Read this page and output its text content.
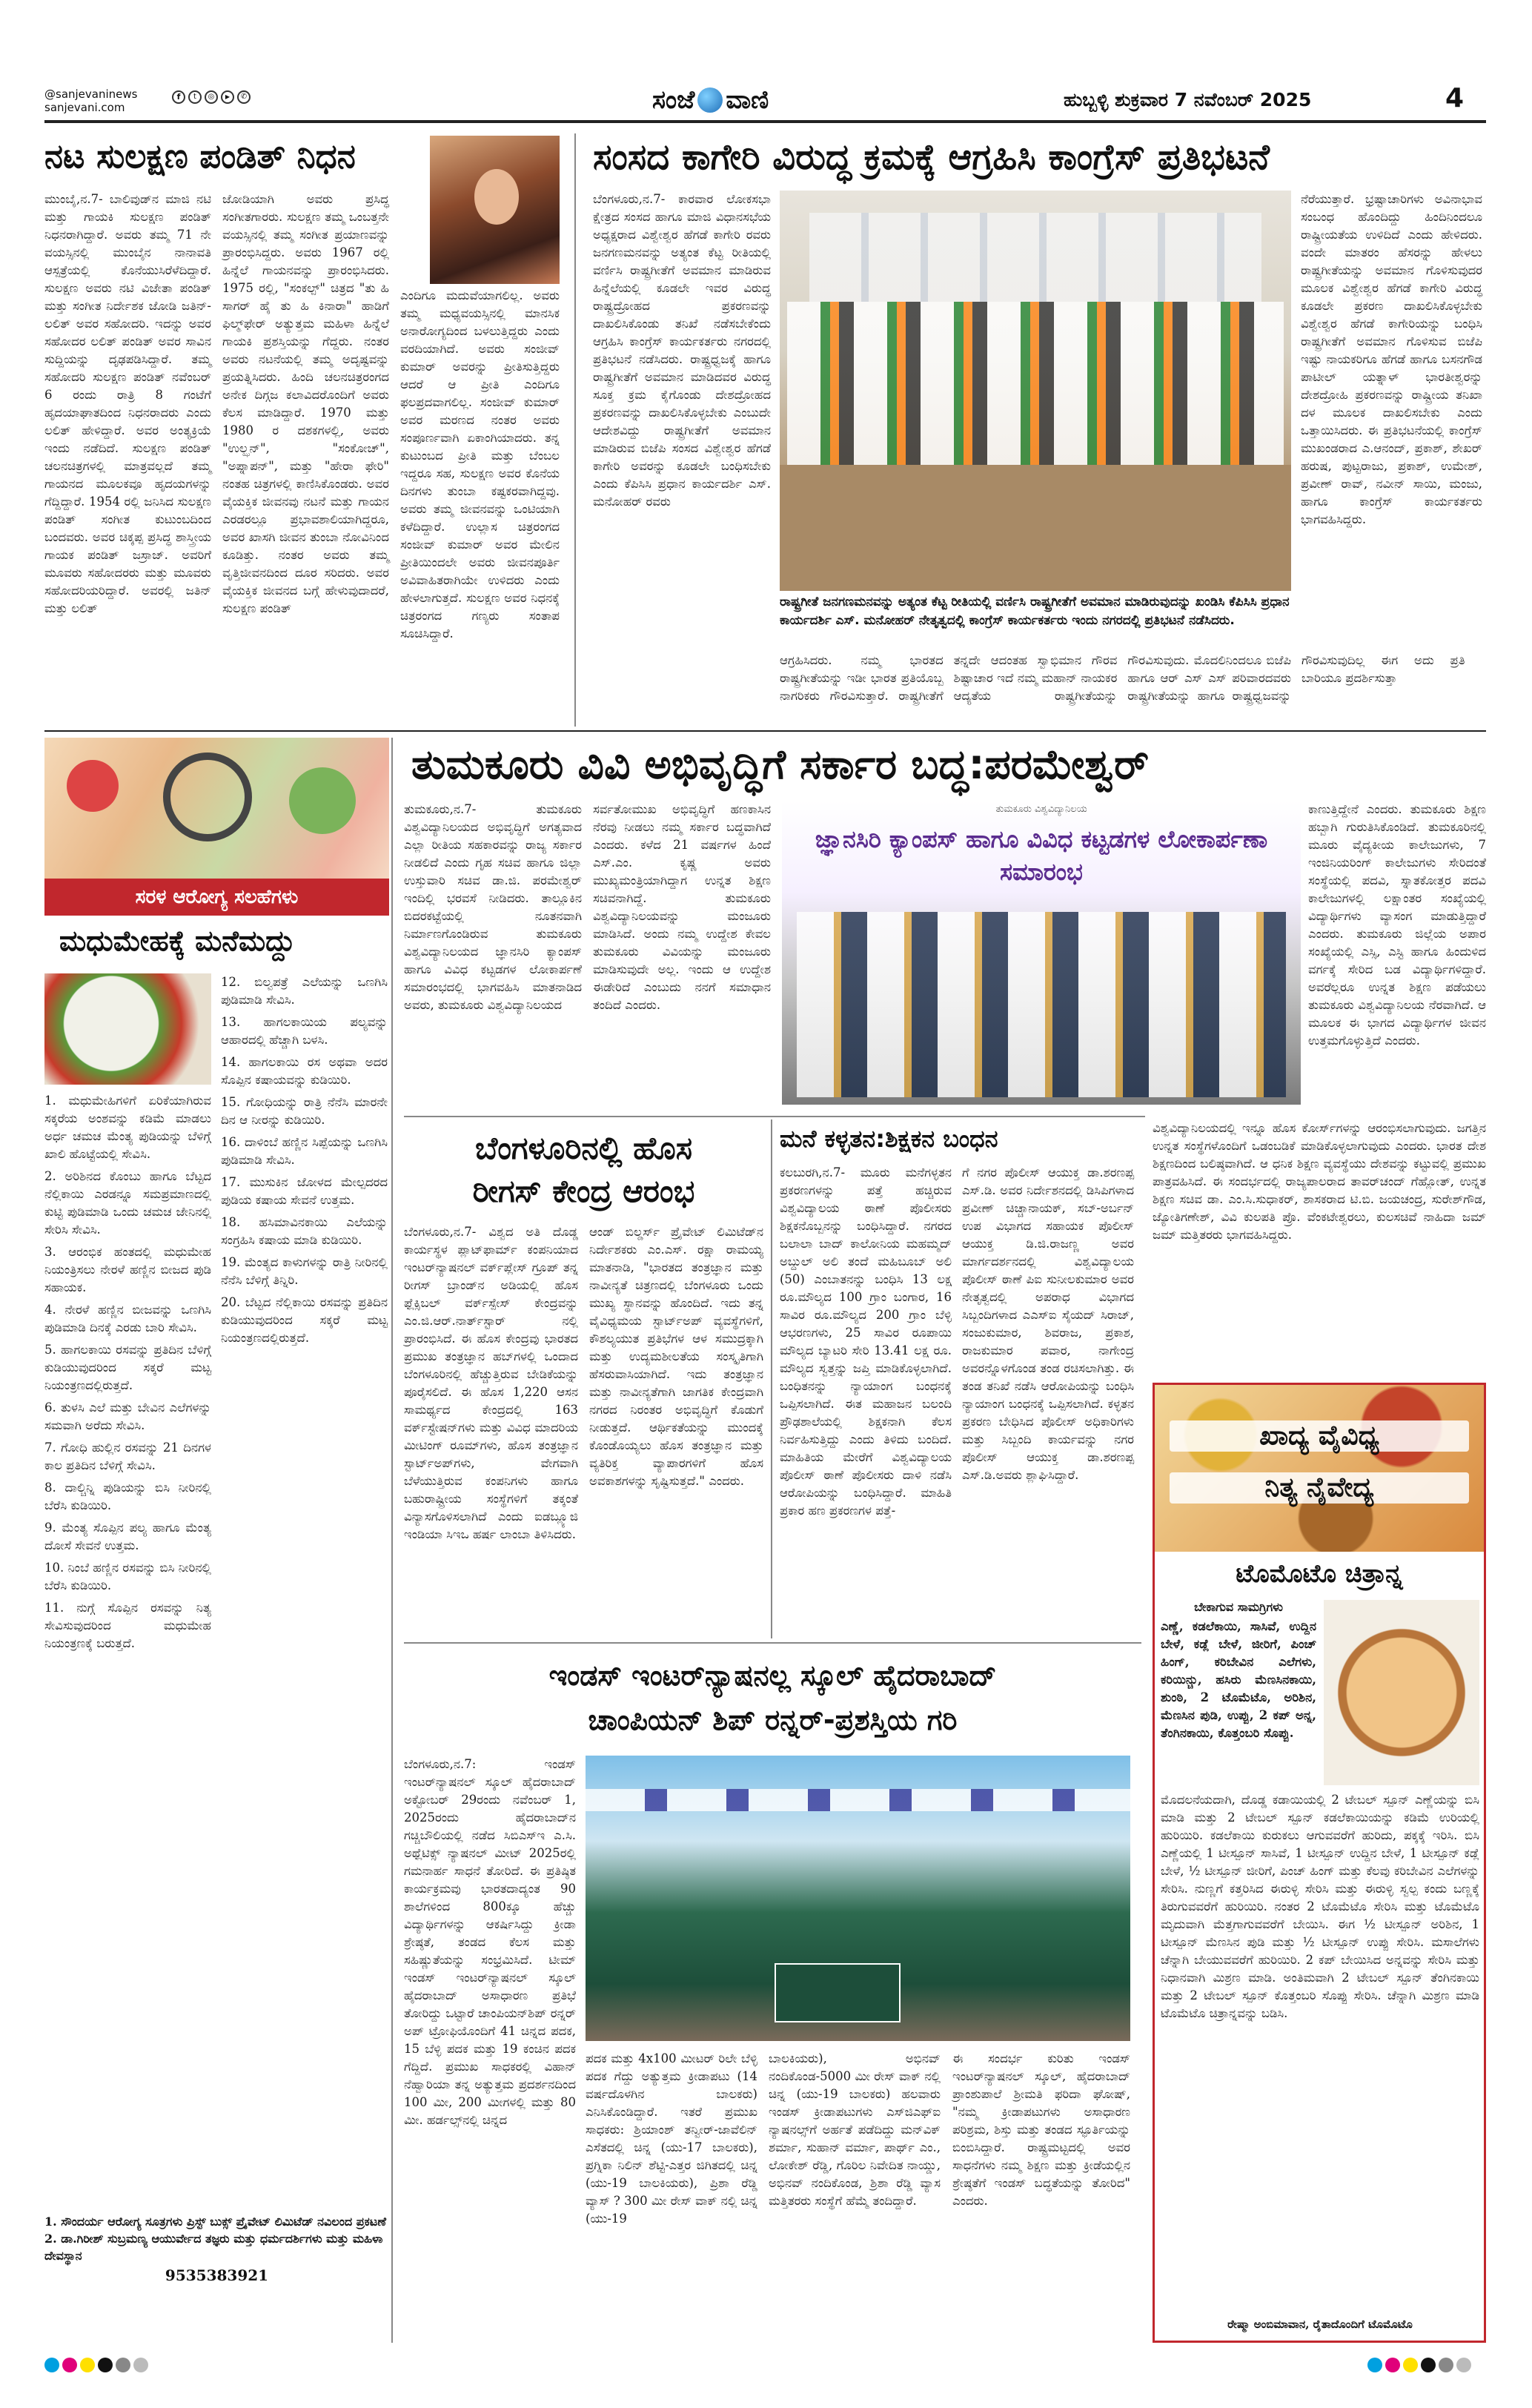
@sanjevaninews
sanjevani.com
f	t	◎	▶	✆	ಸಂಜೆ ವಾಣಿ	ಹುಬ್ಬಳ್ಳಿ ಶುಕ್ರವಾರ 7 ನವೆಂಬರ್ 2025	4
ನಟ ಸುಲಕ್ಷಣ ಪಂಡಿತ್ ನಿಧನ
ಮುಂಬೈ,ನ.7- ಬಾಲಿವುಡ್‌ನ ಮಾಜಿ ನಟಿ ಮತ್ತು ಗಾಯಕಿ ಸುಲಕ್ಷಣ ಪಂಡಿತ್ ನಿಧನರಾಗಿದ್ದಾರೆ. ಅವರು ತಮ್ಮ 71 ನೇ ವಯಸ್ಸಿನಲ್ಲಿ ಮುಂಬೈನ ನಾನಾವತಿ ಆಸ್ಪತ್ರೆಯಲ್ಲಿ ಕೊನೆಯುಸಿರೆಳೆದಿದ್ದಾರೆ. ಸುಲಕ್ಷಣ ಅವರು ನಟಿ ವಿಜೇತಾ ಪಂಡಿತ್ ಮತ್ತು ಸಂಗೀತ ನಿರ್ದೇಶಕ ಜೋಡಿ ಜತಿನ್-ಲಲಿತ್ ಅವರ ಸಹೋದರಿ. ಇದನ್ನು ಅವರ ಸಹೋದರ ಲಲಿತ್ ಪಂಡಿತ್ ಅವರ ಸಾವಿನ ಸುದ್ದಿಯನ್ನು ದೃಢಪಡಿಸಿದ್ದಾರೆ. ತಮ್ಮ ಸಹೋದರಿ ಸುಲಕ್ಷಣ ಪಂಡಿತ್ ನವೆಂಬರ್ 6 ರಂದು ರಾತ್ರಿ 8 ಗಂಟೆಗೆ ಹೃದಯಾಘಾತದಿಂದ ನಿಧನರಾದರು ಎಂದು ಲಲಿತ್ ಹೇಳಿದ್ದಾರೆ. ಅವರ ಅಂತ್ಯಕ್ರಿಯೆ ಇಂದು ನಡೆದಿದೆ. ಸುಲಕ್ಷಣ ಪಂಡಿತ್ ಚಲನಚಿತ್ರಗಳಲ್ಲಿ ಮಾತ್ರವಲ್ಲದೆ ತಮ್ಮ ಗಾಯನದ ಮೂಲಕವೂ ಹೃದಯಗಳನ್ನು ಗೆದ್ದಿದ್ದಾರೆ. 1954 ರಲ್ಲಿ ಜನಿಸಿದ ಸುಲಕ್ಷಣ ಪಂಡಿತ್ ಸಂಗೀತ ಕುಟುಂಬದಿಂದ ಬಂದವರು. ಅವರ ಚಿಕ್ಕಪ್ಪ ಪ್ರಸಿದ್ಧ ಶಾಸ್ತ್ರೀಯ ಗಾಯಕ ಪಂಡಿತ್ ಜಸ್ರಾಜ್. ಅವರಿಗೆ ಮೂವರು ಸಹೋದರರು ಮತ್ತು ಮೂವರು ಸಹೋದರಿಯರಿದ್ದಾರೆ. ಅವರಲ್ಲಿ ಜತಿನ್ ಮತ್ತು ಲಲಿತ್
ಜೋಡಿಯಾಗಿ ಅವರು ಪ್ರಸಿದ್ಧ ಸಂಗೀತಗಾರರು. ಸುಲಕ್ಷಣ ತಮ್ಮ ಒಂಬತ್ತನೇ ವಯಸ್ಸಿನಲ್ಲಿ ತಮ್ಮ ಸಂಗೀತ ಪ್ರಯಾಣವನ್ನು ಪ್ರಾರಂಭಿಸಿದ್ದರು. ಅವರು 1967 ರಲ್ಲಿ ಹಿನ್ನೆಲೆ ಗಾಯನವನ್ನು ಪ್ರಾರಂಭಿಸಿದರು. 1975 ರಲ್ಲಿ, "ಸಂಕಲ್ಪ್" ಚಿತ್ರದ "ತು ಹಿ ಸಾಗರ್ ಹೈ ತು ಹಿ ಕಿನಾರಾ" ಹಾಡಿಗೆ ಫಿಲ್ಮ್‌ಫೇರ್ ಅತ್ಯುತ್ತಮ ಮಹಿಳಾ ಹಿನ್ನೆಲೆ ಗಾಯಕಿ ಪ್ರಶಸ್ತಿಯನ್ನು ಗೆದ್ದರು. ನಂತರ ಅವರು ನಟನೆಯಲ್ಲಿ ತಮ್ಮ ಅದೃಷ್ಟವನ್ನು ಪ್ರಯತ್ನಿಸಿದರು. ಹಿಂದಿ ಚಲನಚಿತ್ರರಂಗದ ಅನೇಕ ದಿಗ್ಗಜ ಕಲಾವಿದರೊಂದಿಗೆ ಅವರು ಕೆಲಸ ಮಾಡಿದ್ದಾರೆ. 1970 ಮತ್ತು 1980 ರ ದಶಕಗಳಲ್ಲಿ, ಅವರು "ಉಲ್ಝನ್", "ಸಂಕೋಚ್", "ಅಪ್ನಾಪನ್", ಮತ್ತು "ಹೇರಾ ಫೇರಿ" ನಂತಹ ಚಿತ್ರಗಳಲ್ಲಿ ಕಾಣಿಸಿಕೊಂಡರು. ಅವರ ವೈಯಕ್ತಿಕ ಜೀವನವು ನಟನೆ ಮತ್ತು ಗಾಯನ ಎರಡರಲ್ಲೂ ಪ್ರಭಾವಶಾಲಿಯಾಗಿದ್ದರೂ, ಅವರ ಖಾಸಗಿ ಜೀವನ ತುಂಬಾ ನೋವಿನಿಂದ ಕೂಡಿತ್ತು. ನಂತರ ಅವರು ತಮ್ಮ ವೃತ್ತಿಜೀವನದಿಂದ ದೂರ ಸರಿದರು. ಅವರ ವೈಯಕ್ತಿಕ ಜೀವನದ ಬಗ್ಗೆ ಹೇಳುವುದಾದರೆ, ಸುಲಕ್ಷಣ ಪಂಡಿತ್
ಎಂದಿಗೂ ಮದುವೆಯಾಗಲಿಲ್ಲ. ಅವರು ತಮ್ಮ ಮಧ್ಯವಯಸ್ಸಿನಲ್ಲಿ ಮಾನಸಿಕ ಅನಾರೋಗ್ಯದಿಂದ ಬಳಲುತ್ತಿದ್ದರು ಎಂದು ವರದಿಯಾಗಿದೆ. ಅವರು ಸಂಜೀವ್ ಕುಮಾರ್ ಅವರನ್ನು ಪ್ರೀತಿಸುತ್ತಿದ್ದರು ಆದರೆ ಆ ಪ್ರೀತಿ ಎಂದಿಗೂ ಫಲಪ್ರದವಾಗಲಿಲ್ಲ. ಸಂಜೀವ್ ಕುಮಾರ್ ಅವರ ಮರಣದ ನಂತರ ಅವರು ಸಂಪೂರ್ಣವಾಗಿ ಏಕಾಂಗಿಯಾದರು. ತನ್ನ ಕುಟುಂಬದ ಪ್ರೀತಿ ಮತ್ತು ಬೆಂಬಲ ಇದ್ದರೂ ಸಹ, ಸುಲಕ್ಷಣ ಅವರ ಕೊನೆಯ ದಿನಗಳು ತುಂಬಾ ಕಷ್ಟಕರವಾಗಿದ್ದವು. ಅವರು ತಮ್ಮ ಜೀವನವನ್ನು ಒಂಟಿಯಾಗಿ ಕಳೆದಿದ್ದಾರೆ. ಉಲ್ಲಾಸ ಚಿತ್ರರಂಗದ ಸಂಜೀವ್ ಕುಮಾರ್ ಅವರ ಮೇಲಿನ ಪ್ರೀತಿಯಿಂದಲೇ ಅವರು ಜೀವನಪೂರ್ತಿ ಅವಿವಾಹಿತರಾಗಿಯೇ ಉಳಿದರು ಎಂದು ಹೇಳಲಾಗುತ್ತದೆ. ಸುಲಕ್ಷಣ ಅವರ ನಿಧನಕ್ಕೆ ಚಿತ್ರರಂಗದ ಗಣ್ಯರು ಸಂತಾಪ ಸೂಚಿಸಿದ್ದಾರೆ.
ಸಂಸದ ಕಾಗೇರಿ ವಿರುದ್ಧ ಕ್ರಮಕ್ಕೆ ಆಗ್ರಹಿಸಿ ಕಾಂಗ್ರೆಸ್ ಪ್ರತಿಭಟನೆ
ಬೆಂಗಳೂರು,ನ.7- ಕಾರವಾರ ಲೋಕಸಭಾ ಕ್ಷೇತ್ರದ ಸಂಸದ ಹಾಗೂ ಮಾಜಿ ವಿಧಾನಸಭೆಯ ಅಧ್ಯಕ್ಷರಾದ ವಿಶ್ವೇಶ್ವರ ಹೆಗಡೆ ಕಾಗೇರಿ ರವರು ಜನಗಣಮನವನ್ನು ಅತ್ಯಂತ ಕೆಟ್ಟ ರೀತಿಯಲ್ಲಿ ವರ್ಣಿಸಿ ರಾಷ್ಟ್ರಗೀತೆಗೆ ಅವಮಾನ ಮಾಡಿರುವ ಹಿನ್ನೆಲೆಯಲ್ಲಿ ಕೂಡಲೇ ಇವರ ವಿರುದ್ಧ ರಾಷ್ಟ್ರದ್ರೋಹದ ಪ್ರಕರಣವನ್ನು ದಾಖಲಿಸಿಕೊಂಡು ತನಿಖೆ ನಡೆಸಬೇಕೆಂದು ಆಗ್ರಹಿಸಿ ಕಾಂಗ್ರೆಸ್ ಕಾರ್ಯಕರ್ತರು ನಗರದಲ್ಲಿ ಪ್ರತಿಭಟನೆ ನಡೆಸಿದರು. ರಾಷ್ಟ್ರಧ್ವಜಕ್ಕೆ ಹಾಗೂ ರಾಷ್ಟ್ರಗೀತೆಗೆ ಅವಮಾನ ಮಾಡಿದವರ ವಿರುದ್ಧ ಸೂಕ್ತ ಕ್ರಮ ಕೈಗೊಂಡು ದೇಶದ್ರೋಹದ ಪ್ರಕರಣವನ್ನು ದಾಖಲಿಸಿಕೊಳ್ಳಬೇಕು ಎಂಬುದೇ ಆದೇಶವಿದ್ದು ರಾಷ್ಟ್ರಗೀತೆಗೆ ಅವಮಾನ ಮಾಡಿರುವ ಬಿಜೆಪಿ ಸಂಸದ ವಿಶ್ವೇಶ್ವರ ಹೆಗಡೆ ಕಾಗೇರಿ ಅವರನ್ನು ಕೂಡಲೇ ಬಂಧಿಸಬೇಕು ಎಂದು ಕೆಪಿಸಿಸಿ ಪ್ರಧಾನ ಕಾರ್ಯದರ್ಶಿ ಎಸ್. ಮನೋಹರ್ ರವರು
ರಾಷ್ಟ್ರಗೀತೆ ಜನಗಣಮನವನ್ನು ಅತ್ಯಂತ ಕೆಟ್ಟ ರೀತಿಯಲ್ಲಿ ವರ್ಣಿಸಿ ರಾಷ್ಟ್ರಗೀತೆಗೆ ಅವಮಾನ ಮಾಡಿರುವುದನ್ನು ಖಂಡಿಸಿ ಕೆಪಿಸಿಸಿ ಪ್ರಧಾನ ಕಾರ್ಯದರ್ಶಿ ಎಸ್. ಮನೋಹರ್ ನೇತೃತ್ವದಲ್ಲಿ ಕಾಂಗ್ರೆಸ್ ಕಾರ್ಯಕರ್ತರು ಇಂದು ನಗರದಲ್ಲಿ ಪ್ರತಿಭಟನೆ ನಡೆಸಿದರು.
ನೆರೆಯುತ್ತಾರೆ. ಭ್ರಷ್ಟಾಚಾರಿಗಳು ಅವಿನಾಭಾವ ಸಂಬಂಧ ಹೊಂದಿದ್ದು ಹಿಂದಿನಿಂದಲೂ ರಾಷ್ಟ್ರೀಯತೆಯ ಉಳಿದಿದೆ ಎಂದು ಹೇಳಿದರು. ವಂದೇ ಮಾತರಂ ಹೆಸರನ್ನು ಹೇಳಲು ರಾಷ್ಟ್ರಗೀತೆಯನ್ನು ಅವಮಾನ ಗೊಳಿಸುವುದರ ಮೂಲಕ ವಿಶ್ವೇಶ್ವರ ಹೆಗಡೆ ಕಾಗೇರಿ ವಿರುದ್ಧ ಕೂಡಲೇ ಪ್ರಕರಣ ದಾಖಲಿಸಿಕೊಳ್ಳಬೇಕು ವಿಶ್ವೇಶ್ವರ ಹೆಗಡೆ ಕಾಗೇರಿಯನ್ನು ಬಂಧಿಸಿ ರಾಷ್ಟ್ರಗೀತೆಗೆ ಅವಮಾನ ಗೊಳಿಸುವ ಬಿಜೆಪಿ ಇಷ್ಟು ನಾಯಕರಿಗೂ ಹೆಗಡೆ ಹಾಗೂ ಬಸನಗೌಡ ಪಾಟೀಲ್ ಯತ್ನಾಳ್ ಭಾರತೀಶ್ವರನ್ನು ದೇಶದ್ರೋಹಿ ಪ್ರಕರಣವನ್ನು ರಾಷ್ಟ್ರೀಯ ತನಿಖಾ ದಳ ಮೂಲಕ ದಾಖಲಿಸಬೇಕು ಎಂದು ಒತ್ತಾಯಿಸಿದರು. ಈ ಪ್ರತಿಭಟನೆಯಲ್ಲಿ ಕಾಂಗ್ರೆಸ್ ಮುಖಂಡರಾದ ಎ.ಆನಂದ್, ಪ್ರಕಾಶ್, ಶೇಖರ್ ಹರುಷ, ಪುಟ್ಟರಾಜು, ಪ್ರಕಾಶ್, ಉಮೇಶ್, ಪ್ರವೀಣ್ ರಾವ್, ನವೀನ್ ಸಾಯಿ, ಮಂಜು, ಹಾಗೂ ಕಾಂಗ್ರೆಸ್ ಕಾರ್ಯಕರ್ತರು ಭಾಗವಹಿಸಿದ್ದರು.
ಆಗ್ರಹಿಸಿದರು. ನಮ್ಮ ಭಾರತದ ರಾಷ್ಟ್ರಗೀತೆಯನ್ನು ಇಡೀ ಭಾರತ ಪ್ರತಿಯೊಬ್ಬ ನಾಗರಿಕರು ಗೌರವಿಸುತ್ತಾರೆ. ರಾಷ್ಟ್ರಗೀತೆಗೆ ತನ್ನದೇ ಆದಂತಹ ಸ್ವಾಭಿಮಾನ ಗೌರವ ಶಿಷ್ಟಾಚಾರ ಇದೆ ನಮ್ಮ ಮಹಾನ್ ನಾಯಕರ ಆದ್ಯತೆಯ ರಾಷ್ಟ್ರಗೀತೆಯನ್ನು ಗೌರವಿಸುವುದು. ಮೊದಲಿನಿಂದಲೂ ಬಿಜೆಪಿ ಹಾಗೂ ಆರ್ ಎಸ್ ಎಸ್ ಪರಿವಾರದವರು ರಾಷ್ಟ್ರಗೀತೆಯನ್ನು ಹಾಗೂ ರಾಷ್ಟ್ರಧ್ವಜವನ್ನು ಗೌರವಿಸುವುದಿಲ್ಲ ಈಗ ಅದು ಪ್ರತಿ ಬಾರಿಯೂ ಪ್ರದರ್ಶಿಸುತ್ತಾ
ಸರಳ ಆರೋಗ್ಯ ಸಲಹೆಗಳು
ಮಧುಮೇಹಕ್ಕೆ ಮನೆಮದ್ದು
1. ಮಧುಮೇಹಿಗಳಿಗೆ ಏರಿಕೆಯಾಗಿರುವ ಸಕ್ಕರೆಯ ಅಂಶವನ್ನು ಕಡಿಮೆ ಮಾಡಲು ಅರ್ಧ ಚಮಚ ಮೆಂತ್ಯ ಪುಡಿಯನ್ನು ಬೆಳಿಗ್ಗೆ ಖಾಲಿ ಹೊಟ್ಟೆಯಲ್ಲಿ ಸೇವಿಸಿ.
2. ಅರಿಶಿನದ ಕೊಂಬು ಹಾಗೂ ಬೆಟ್ಟದ ನೆಲ್ಲಿಕಾಯಿ ಎರಡನ್ನೂ ಸಮಪ್ರಮಾಣದಲ್ಲಿ ಕುಟ್ಟಿ ಪುಡಿಮಾಡಿ ಒಂದು ಚಮಚ ಜೇನಿನಲ್ಲಿ ಸೇರಿಸಿ ಸೇವಿಸಿ.
3. ಆರಂಭಿಕ ಹಂತದಲ್ಲಿ ಮಧುಮೇಹ ನಿಯಂತ್ರಿಸಲು ನೇರಳೆ ಹಣ್ಣಿನ ಬೀಜದ ಪುಡಿ ಸಹಾಯಕ.
4. ನೇರಳೆ ಹಣ್ಣಿನ ಬೀಜವನ್ನು ಒಣಗಿಸಿ ಪುಡಿಮಾಡಿ ದಿನಕ್ಕೆ ಎರಡು ಬಾರಿ ಸೇವಿಸಿ.
5. ಹಾಗಲಕಾಯಿ ರಸವನ್ನು ಪ್ರತಿದಿನ ಬೆಳಿಗ್ಗೆ ಕುಡಿಯುವುದರಿಂದ ಸಕ್ಕರೆ ಮಟ್ಟ ನಿಯಂತ್ರಣದಲ್ಲಿರುತ್ತದೆ.
6. ತುಳಸಿ ಎಲೆ ಮತ್ತು ಬೇವಿನ ಎಲೆಗಳನ್ನು ಸಮವಾಗಿ ಅರೆದು ಸೇವಿಸಿ.
7. ಗೋಧಿ ಹುಲ್ಲಿನ ರಸವನ್ನು 21 ದಿನಗಳ ಕಾಲ ಪ್ರತಿದಿನ ಬೆಳಿಗ್ಗೆ ಸೇವಿಸಿ.
8. ದಾಲ್ಚಿನ್ನಿ ಪುಡಿಯನ್ನು ಬಿಸಿ ನೀರಿನಲ್ಲಿ ಬೆರೆಸಿ ಕುಡಿಯಿರಿ.
9. ಮೆಂತ್ಯ ಸೊಪ್ಪಿನ ಪಲ್ಯ ಹಾಗೂ ಮೆಂತ್ಯ ದೋಸೆ ಸೇವನೆ ಉತ್ತಮ.
10. ನಿಂಬೆ ಹಣ್ಣಿನ ರಸವನ್ನು ಬಿಸಿ ನೀರಿನಲ್ಲಿ ಬೆರೆಸಿ ಕುಡಿಯಿರಿ.
11. ನುಗ್ಗೆ ಸೊಪ್ಪಿನ ರಸವನ್ನು ನಿತ್ಯ ಸೇವಿಸುವುದರಿಂದ ಮಧುಮೇಹ ನಿಯಂತ್ರಣಕ್ಕೆ ಬರುತ್ತದೆ.
12. ಬಿಲ್ವಪತ್ರೆ ಎಲೆಯನ್ನು ಒಣಗಿಸಿ ಪುಡಿಮಾಡಿ ಸೇವಿಸಿ.
13. ಹಾಗಲಕಾಯಿಯ ಪಲ್ಯವನ್ನು ಆಹಾರದಲ್ಲಿ ಹೆಚ್ಚಾಗಿ ಬಳಸಿ.
14. ಹಾಗಲಕಾಯಿ ರಸ ಅಥವಾ ಅದರ ಸೊಪ್ಪಿನ ಕಷಾಯವನ್ನು ಕುಡಿಯಿರಿ.
15. ಗೋಧಿಯನ್ನು ರಾತ್ರಿ ನೆನೆಸಿ ಮಾರನೇ ದಿನ ಆ ನೀರನ್ನು ಕುಡಿಯಿರಿ.
16. ದಾಳಿಂಬೆ ಹಣ್ಣಿನ ಸಿಪ್ಪೆಯನ್ನು ಒಣಗಿಸಿ ಪುಡಿಮಾಡಿ ಸೇವಿಸಿ.
17. ಮುಸುಕಿನ ಜೋಳದ ಮೇಲ್ಪದರದ ಪುಡಿಯ ಕಷಾಯ ಸೇವನೆ ಉತ್ತಮ.
18. ಹಸಿಮಾವಿನಕಾಯಿ ಎಲೆಯನ್ನು ಸಂಗ್ರಹಿಸಿ ಕಷಾಯ ಮಾಡಿ ಕುಡಿಯಿರಿ.
19. ಮೆಂತ್ಯದ ಕಾಳುಗಳನ್ನು ರಾತ್ರಿ ನೀರಿನಲ್ಲಿ ನೆನೆಸಿ ಬೆಳಿಗ್ಗೆ ತಿನ್ನಿರಿ.
20. ಬೆಟ್ಟದ ನೆಲ್ಲಿಕಾಯಿ ರಸವನ್ನು ಪ್ರತಿದಿನ ಕುಡಿಯುವುದರಿಂದ ಸಕ್ಕರೆ ಮಟ್ಟ ನಿಯಂತ್ರಣದಲ್ಲಿರುತ್ತದೆ.
1. ಸೌಂದರ್ಯ ಆರೋಗ್ಯ ಸೂತ್ರಗಳು ಪ್ರಿಸ್ಟ್ ಬುಕ್ಸ್ ಪ್ರೈವೇಟ್ ಲಿಮಿಟೆಡ್ ನವಿಲಂದ ಪ್ರಕಟಣೆ
2. ಡಾ.ಗಿರೀಶ್ ಸುಬ್ರಮಣ್ಯ ಆಯುರ್ವೇದ ತಜ್ಞರು ಮತ್ತು ಧರ್ಮದರ್ಶಿಗಳು ಮತ್ತು ಮಹಿಳಾ ದೇವಸ್ಥಾನ
9535383921
ತುಮಕೂರು ವಿವಿ ಅಭಿವೃದ್ಧಿಗೆ ಸರ್ಕಾರ ಬದ್ಧ:ಪರಮೇಶ್ವರ್
ತುಮಕೂರು,ನ.7- ತುಮಕೂರು ವಿಶ್ವವಿದ್ಯಾನಿಲಯದ ಅಭಿವೃದ್ಧಿಗೆ ಅಗತ್ಯವಾದ ಎಲ್ಲಾ ರೀತಿಯ ಸಹಕಾರವನ್ನು ರಾಜ್ಯ ಸರ್ಕಾರ ನೀಡಲಿದೆ ಎಂದು ಗೃಹ ಸಚಿವ ಹಾಗೂ ಜಿಲ್ಲಾ ಉಸ್ತುವಾರಿ ಸಚಿವ ಡಾ.ಜಿ. ಪರಮೇಶ್ವರ್ ಇಂದಿಲ್ಲಿ ಭರವಸೆ ನೀಡಿದರು. ತಾಲ್ಲೂಕಿನ ಬಿದರಕಟ್ಟೆಯಲ್ಲಿ ನೂತನವಾಗಿ ನಿರ್ಮಾಣಗೊಂಡಿರುವ ತುಮಕೂರು ವಿಶ್ವವಿದ್ಯಾನಿಲಯದ ಜ್ಞಾನಸಿರಿ ಕ್ಯಾಂಪಸ್ ಹಾಗೂ ವಿವಿಧ ಕಟ್ಟಡಗಳ ಲೋಕಾರ್ಪಣೆ ಸಮಾರಂಭದಲ್ಲಿ ಭಾಗವಹಿಸಿ ಮಾತನಾಡಿದ ಅವರು, ತುಮಕೂರು ವಿಶ್ವವಿದ್ಯಾನಿಲಯದ
ಸರ್ವತೋಮುಖ ಅಭಿವೃದ್ಧಿಗೆ ಹಣಕಾಸಿನ ನೆರವು ನೀಡಲು ನಮ್ಮ ಸರ್ಕಾರ ಬದ್ಧವಾಗಿದೆ ಎಂದರು. ಕಳೆದ 21 ವರ್ಷಗಳ ಹಿಂದೆ ಎಸ್.ಎಂ. ಕೃಷ್ಣ ಅವರು ಮುಖ್ಯಮಂತ್ರಿಯಾಗಿದ್ದಾಗ ಉನ್ನತ ಶಿಕ್ಷಣ ಸಚಿವನಾಗಿದ್ದೆ. ತುಮಕೂರು ವಿಶ್ವವಿದ್ಯಾನಿಲಯವನ್ನು ಮಂಜೂರು ಮಾಡಿಸಿದೆ. ಅಂದು ನಮ್ಮ ಉದ್ದೇಶ ಕೇವಲ ತುಮಕೂರು ವಿವಿಯನ್ನು ಮಂಜೂರು ಮಾಡಿಸುವುದೇ ಅಲ್ಲ. ಇಂದು ಆ ಉದ್ದೇಶ ಈಡೇರಿದೆ ಎಂಬುದು ನನಗೆ ಸಮಾಧಾನ ತಂದಿದೆ ಎಂದರು.
ತುಮಕೂರು ವಿಶ್ವವಿದ್ಯಾನಿಲಯ
ಜ್ಞಾನಸಿರಿ ಕ್ಯಾಂಪಸ್ ಹಾಗೂ ವಿವಿಧ ಕಟ್ಟಡಗಳ ಲೋಕಾರ್ಪಣಾ ಸಮಾರಂಭ
ಕಾಣುತ್ತಿದ್ದೇನೆ ಎಂದರು. ತುಮಕೂರು ಶಿಕ್ಷಣ ಹಬ್ಬಾಗಿ ಗುರುತಿಸಿಕೊಂಡಿದೆ. ತುಮಕೂರಿನಲ್ಲಿ ಮೂರು ವೈದ್ಯಕೀಯ ಕಾಲೇಜುಗಳು, 7 ಇಂಜಿನಿಯರಿಂಗ್ ಕಾಲೇಜುಗಳು ಸೇರಿದಂತೆ ಸಂಸ್ಥೆಯಲ್ಲಿ ಪದವಿ, ಸ್ನಾತಕೋತ್ತರ ಪದವಿ ಕಾಲೇಜುಗಳಲ್ಲಿ ಲಕ್ಷಾಂತರ ಸಂಖ್ಯೆಯಲ್ಲಿ ವಿದ್ಯಾರ್ಥಿಗಳು ವ್ಯಾಸಂಗ ಮಾಡುತ್ತಿದ್ದಾರೆ ಎಂದರು. ತುಮಕೂರು ಜಿಲ್ಲೆಯ ಅಪಾರ ಸಂಖ್ಯೆಯಲ್ಲಿ ಎಸ್ಸಿ, ಎಸ್ಟಿ ಹಾಗೂ ಹಿಂದುಳಿದ ವರ್ಗಕ್ಕೆ ಸೇರಿದ ಬಡ ವಿದ್ಯಾರ್ಥಿಗಳಿದ್ದಾರೆ. ಅವರೆಲ್ಲರೂ ಉನ್ನತ ಶಿಕ್ಷಣ ಪಡೆಯಲು ತುಮಕೂರು ವಿಶ್ವವಿದ್ಯಾನಿಲಯ ನೆರವಾಗಿದೆ. ಆ ಮೂಲಕ ಈ ಭಾಗದ ವಿದ್ಯಾರ್ಥಿಗಳ ಜೀವನ ಉತ್ತಮಗೊಳ್ಳುತ್ತಿದೆ ಎಂದರು.
ಬೆಂಗಳೂರಿನಲ್ಲಿ ಹೊಸ
ರೀಗಸ್ ಕೇಂದ್ರ ಆರಂಭ
ಬೆಂಗಳೂರು,ನ.7- ವಿಶ್ವದ ಅತಿ ದೊಡ್ಡ ಕಾರ್ಯಸ್ಥಳ ಪ್ಲಾಟ್‌ಫಾರ್ಮ್ ಕಂಪನಿಯಾದ ಇಂಟರ್‌ನ್ಯಾಷನಲ್ ವರ್ಕ್‌ಪ್ಲೇಸ್ ಗ್ರೂಪ್ ತನ್ನ ರೀಗಸ್ ಬ್ರಾಂಡ್‌ನ ಅಡಿಯಲ್ಲಿ ಹೊಸ ಫ್ಲೆಕ್ಸಿಬಲ್ ವರ್ಕ್‌ಸ್ಪೇಸ್ ಕೇಂದ್ರವನ್ನು ಎಂ.ಜಿ.ಆರ್.ನಾರ್ತ್‌ಸ್ಟಾರ್ ನಲ್ಲಿ ಪ್ರಾರಂಭಿಸಿದೆ. ಈ ಹೊಸ ಕೇಂದ್ರವು ಭಾರತದ ಪ್ರಮುಖ ತಂತ್ರಜ್ಞಾನ ಹಬ್‌ಗಳಲ್ಲಿ ಒಂದಾದ ಬೆಂಗಳೂರಿನಲ್ಲಿ ಹೆಚ್ಚುತ್ತಿರುವ ಬೇಡಿಕೆಯನ್ನು ಪೂರೈಸಲಿದೆ. ಈ ಹೊಸ 1,220 ಆಸನ ಸಾಮರ್ಥ್ಯದ ಕೇಂದ್ರದಲ್ಲಿ 163 ವರ್ಕ್‌ಸ್ಟೇಷನ್‌ಗಳು ಮತ್ತು ವಿವಿಧ ಮಾದರಿಯ ಮೀಟಿಂಗ್ ರೂಮ್‌ಗಳು, ಹೊಸ ತಂತ್ರಜ್ಞಾನ ಸ್ಟಾರ್ಟ್‌ಅಪ್‌ಗಳು, ವೇಗವಾಗಿ ಬೆಳೆಯುತ್ತಿರುವ ಕಂಪನಿಗಳು ಹಾಗೂ ಬಹುರಾಷ್ಟ್ರೀಯ ಸಂಸ್ಥೆಗಳಿಗೆ ತಕ್ಕಂತೆ ವಿನ್ಯಾಸಗೊಳಿಸಲಾಗಿದೆ ಎಂದು ಐಡಬ್ಲ್ಯೂಜಿ ಇಂಡಿಯಾ ಸಿಇಒ ಹರ್ಷ ಲಾಂಬಾ ತಿಳಿಸಿದರು.
ಆಂಡ್ ಬಿಲ್ಡರ್ಸ್ ಪ್ರೈವೇಟ್ ಲಿಮಿಟೆಡ್‌ನ ನಿರ್ದೇಶಕರು ಎಂ.ಎಸ್. ರಕ್ಷಾ ರಾಮಯ್ಯ ಮಾತನಾಡಿ, "ಭಾರತದ ತಂತ್ರಜ್ಞಾನ ಮತ್ತು ನಾವೀನ್ಯತೆ ಚಿತ್ರಣದಲ್ಲಿ ಬೆಂಗಳೂರು ಒಂದು ಮುಖ್ಯ ಸ್ಥಾನವನ್ನು ಹೊಂದಿದೆ. ಇದು ತನ್ನ ವೈವಿಧ್ಯಮಯ ಸ್ಟಾರ್ಟ್‌ಅಪ್ ವ್ಯವಸ್ಥೆಗಳಿಗೆ, ಕೌಶಲ್ಯಯುತ ಪ್ರತಿಭೆಗಳ ಆಳ ಸಮುದ್ರಕ್ಕಾಗಿ ಮತ್ತು ಉದ್ಯಮಶೀಲತೆಯ ಸಂಸ್ಕೃತಿಗಾಗಿ ಹೆಸರುವಾಸಿಯಾಗಿದೆ. ಇದು ತಂತ್ರಜ್ಞಾನ ಮತ್ತು ನಾವೀನ್ಯತೆಗಾಗಿ ಜಾಗತಿಕ ಕೇಂದ್ರವಾಗಿ ನಗರದ ನಿರಂತರ ಅಭಿವೃದ್ಧಿಗೆ ಕೊಡುಗೆ ನೀಡುತ್ತದೆ. ಆರ್ಥಿಕತೆಯನ್ನು ಮುಂದಕ್ಕೆ ಕೊಂಡೊಯ್ಯಲು ಹೊಸ ತಂತ್ರಜ್ಞಾನ ಮತ್ತು ವ್ಯತಿರಿಕ್ತ ವ್ಯಾಪಾರಗಳಿಗೆ ಹೊಸ ಅವಕಾಶಗಳನ್ನು ಸೃಷ್ಟಿಸುತ್ತದೆ." ಎಂದರು.
ಮನೆ ಕಳ್ಳತನ:ಶಿಕ್ಷಕನ ಬಂಧನ
ಕಲಬುರಗಿ,ನ.7- ಮೂರು ಮನೆಗಳ್ಳತನ ಪ್ರಕರಣಗಳನ್ನು ಪತ್ತೆ ಹಚ್ಚಿರುವ ವಿಶ್ವವಿದ್ಯಾಲಯ ಠಾಣೆ ಪೊಲೀಸರು ಶಿಕ್ಷಕನೊಬ್ಬನನ್ನು ಬಂಧಿಸಿದ್ದಾರೆ. ನಗರದ ಬಲಾಲಾ ಬಾದ್ ಕಾಲೋನಿಯ ಮಹಮ್ಮದ್ ಅಬ್ದುಲ್ ಅಲಿ ತಂದೆ ಮಹಿಬೂಬ್ ಅಲಿ (50) ಎಂಬಾತನನ್ನು ಬಂಧಿಸಿ 13 ಲಕ್ಷ ರೂ.ಮೌಲ್ಯದ 100 ಗ್ರಾಂ ಬಂಗಾರ, 16 ಸಾವಿರ ರೂ.ಮೌಲ್ಯದ 200 ಗ್ರಾಂ ಬೆಳ್ಳಿ ಆಭರಣಗಳು, 25 ಸಾವಿರ ರೂಪಾಯಿ ಮೌಲ್ಯದ ಬ್ಯಾಟರಿ ಸೇರಿ 13.41 ಲಕ್ಷ ರೂ. ಮೌಲ್ಯದ ಸ್ವತ್ತನ್ನು ಜಪ್ತಿ ಮಾಡಿಕೊಳ್ಳಲಾಗಿದೆ. ಬಂಧಿತನನ್ನು ನ್ಯಾಯಾಂಗ ಬಂಧನಕ್ಕೆ ಒಪ್ಪಿಸಲಾಗಿದೆ. ಈತ ಮಹಾಜನ ಬಲಂದಿ ಪ್ರೌಢಶಾಲೆಯಲ್ಲಿ ಶಿಕ್ಷಕನಾಗಿ ಕೆಲಸ ನಿರ್ವಹಿಸುತ್ತಿದ್ದು ಎಂದು ತಿಳಿದು ಬಂದಿದೆ. ಮಾಹಿತಿಯ ಮೇರೆಗೆ ವಿಶ್ವವಿದ್ಯಾಲಯ ಪೊಲೀಸ್ ಠಾಣೆ ಪೊಲೀಸರು ದಾಳಿ ನಡೆಸಿ ಆರೋಪಿಯನ್ನು ಬಂಧಿಸಿದ್ದಾರೆ. ಮಾಹಿತಿ ಪ್ರಕಾರ ಹಣ ಪ್ರಕರಣಗಳ ಪತ್ತೆ-
ಗೆ ನಗರ ಪೊಲೀಸ್ ಆಯುಕ್ತ ಡಾ.ಶರಣಪ್ಪ ಎಸ್.ಡಿ. ಅವರ ನಿರ್ದೇಶನದಲ್ಲಿ ಡಿಸಿಪಿಗಳಾದ ಪ್ರವೀಣ್ ಚಿಚ್ಚಾನಾಯಕ್, ಸಬ್-ಅರ್ಬನ್ ಉಪ ವಿಭಾಗದ ಸಹಾಯಕ ಪೊಲೀಸ್ ಆಯುಕ್ತ ಡಿ.ಜಿ.ರಾಜಣ್ಣ ಅವರ ಮಾರ್ಗದರ್ಶನದಲ್ಲಿ ವಿಶ್ವವಿದ್ಯಾಲಯ ಪೊಲೀಸ್ ಠಾಣೆ ಪಿಐ ಸುನೀಲಕುಮಾರ ಅವರ ನೇತೃತ್ವದಲ್ಲಿ ಅಪರಾಧ ವಿಭಾಗದ ಸಿಬ್ಬಂದಿಗಳಾದ ಎಎಸ್‌ಐ ಸೈಯದ್ ಸಿರಾಜ್, ಸಂಜುಕುಮಾರ, ಶಿವರಾಜ, ಪ್ರಕಾಶ, ರಾಜಕುಮಾರ ಪವಾರ, ನಾಗೇಂದ್ರ ಅವರನ್ನೊಳಗೊಂಡ ತಂಡ ರಚಿಸಲಾಗಿತ್ತು. ಈ ತಂಡ ತನಿಖೆ ನಡೆಸಿ ಆರೋಪಿಯನ್ನು ಬಂಧಿಸಿ ನ್ಯಾಯಾಂಗ ಬಂಧನಕ್ಕೆ ಒಪ್ಪಿಸಲಾಗಿದೆ. ಕಳ್ಳತನ ಪ್ರಕರಣ ಬೇಧಿಸಿದ ಪೊಲೀಸ್ ಅಧಿಕಾರಿಗಳು ಮತ್ತು ಸಿಬ್ಬಂದಿ ಕಾರ್ಯವನ್ನು ನಗರ ಪೊಲೀಸ್ ಆಯುಕ್ತ ಡಾ.ಶರಣಪ್ಪ ಎಸ್.ಡಿ.ಅವರು ಶ್ಲಾಘಿಸಿದ್ದಾರೆ.
ವಿಶ್ವವಿದ್ಯಾನಿಲಯದಲ್ಲಿ ಇನ್ನೂ ಹೊಸ ಕೋರ್ಸ್‌ಗಳನ್ನು ಆರಂಭಿಸಲಾಗುವುದು. ಜಗತ್ತಿನ ಉನ್ನತ ಸಂಸ್ಥೆಗಳೊಂದಿಗೆ ಒಡಂಬಡಿಕೆ ಮಾಡಿಕೊಳ್ಳಲಾಗುವುದು ಎಂದರು. ಭಾರತ ದೇಶ ಶಿಕ್ಷಣದಿಂದ ಬಲಿಷ್ಠವಾಗಿದೆ. ಆ ಧನಿಕ ಶಿಕ್ಷಣ ವ್ಯವಸ್ಥೆಯು ದೇಶವನ್ನು ಕಟ್ಟುವಲ್ಲಿ ಪ್ರಮುಖ ಪಾತ್ರವಹಿಸಿದೆ. ಈ ಸಂದರ್ಭದಲ್ಲಿ ರಾಜ್ಯಪಾಲರಾದ ತಾವರ್‌ಚಂದ್ ಗೆಹ್ಲೋತ್, ಉನ್ನತ ಶಿಕ್ಷಣ ಸಚಿವ ಡಾ. ಎಂ.ಸಿ.ಸುಧಾಕರ್, ಶಾಸಕರಾದ ಟಿ.ಬಿ. ಜಯಚಂದ್ರ, ಸುರೇಶ್‌ಗೌಡ, ಜ್ಯೋತಿಗಣೇಶ್, ವಿವಿ ಕುಲಪತಿ ಪ್ರೊ. ವೆಂಕಟೇಶ್ವರಲು, ಕುಲಸಚಿವೆ ನಾಹಿದಾ ಜಮ್ ಜಮ್ ಮತ್ತಿತರರು ಭಾಗವಹಿಸಿದ್ದರು.
ಖಾದ್ಯ ವೈವಿಧ್ಯ
ನಿತ್ಯ ನೈವೇದ್ಯ
ಟೊಮೊಟೊ ಚಿತ್ರಾನ್ನ
ಬೇಕಾಗುವ ಸಾಮಗ್ರಿಗಳು
ಎಣ್ಣೆ, ಕಡಲೆಕಾಯಿ, ಸಾಸಿವೆ, ಉದ್ದಿನ ಬೇಳೆ, ಕಡ್ಲೆ ಬೇಳೆ, ಜೀರಿಗೆ, ಪಿಂಚ್ ಹಿಂಗ್, ಕರಿಬೇವಿನ ಎಲೆಗಳು, ಕರಿಯಿನ್ಚು, ಹಸಿರು ಮೆಣಸಿನಕಾಯಿ, ಶುಂಠಿ, 2 ಟೊಮೆಟೊ, ಅರಿಶಿನ, ಮೆಣಸಿನ ಪುಡಿ, ಉಪ್ಪು, 2 ಕಪ್ ಅನ್ನ, ತೆಂಗಿನಕಾಯಿ, ಕೊತ್ತಂಬರಿ ಸೊಪ್ಪು.
ಮೊದಲನೆಯದಾಗಿ, ದೊಡ್ಡ ಕಡಾಯಿಯಲ್ಲಿ 2 ಟೇಬಲ್ ಸ್ಪೂನ್ ಎಣ್ಣೆಯನ್ನು ಬಿಸಿ ಮಾಡಿ ಮತ್ತು 2 ಟೇಬಲ್ ಸ್ಪೂನ್ ಕಡಲೆಕಾಯಿಯನ್ನು ಕಡಿಮೆ ಉರಿಯಲ್ಲಿ ಹುರಿಯಿರಿ. ಕಡಲೆಕಾಯಿ ಕುರುಕಲು ಆಗುವವರೆಗೆ ಹುರಿದು, ಪಕ್ಕಕ್ಕೆ ಇರಿಸಿ. ಬಿಸಿ ಎಣ್ಣೆಯಲ್ಲಿ 1 ಟೀಸ್ಪೂನ್ ಸಾಸಿವೆ, 1 ಟೀಸ್ಪೂನ್ ಉದ್ದಿನ ಬೇಳೆ, 1 ಟೀಸ್ಪೂನ್ ಕಡ್ಲೆ ಬೇಳೆ, ½ ಟೀಸ್ಪೂನ್ ಜೀರಿಗೆ, ಪಿಂಚ್ ಹಿಂಗ್ ಮತ್ತು ಕೆಲವು ಕರಿಬೇವಿನ ಎಲೆಗಳನ್ನು ಸೇರಿಸಿ. ನುಣ್ಣಗೆ ಕತ್ತರಿಸಿದ ಈರುಳ್ಳಿ ಸೇರಿಸಿ ಮತ್ತು ಈರುಳ್ಳಿ ಸ್ವಲ್ಪ ಕಂದು ಬಣ್ಣಕ್ಕೆ ತಿರುಗುವವರೆಗೆ ಹುರಿಯಿರಿ. ನಂತರ 2 ಟೊಮೆಟೊ ಸೇರಿಸಿ ಮತ್ತು ಟೊಮೆಟೊ ಮೃದುವಾಗಿ ಮೆತ್ತಗಾಗುವವರೆಗೆ ಬೇಯಿಸಿ. ಈಗ ½ ಟೀಸ್ಪೂನ್ ಅರಿಶಿನ, 1 ಟೀಸ್ಪೂನ್ ಮೆಣಸಿನ ಪುಡಿ ಮತ್ತು ½ ಟೀಸ್ಪೂನ್ ಉಪ್ಪು ಸೇರಿಸಿ. ಮಸಾಲೆಗಳು ಚೆನ್ನಾಗಿ ಬೇಯುವವರೆಗೆ ಹುರಿಯಿರಿ. 2 ಕಪ್ ಬೇಯಿಸಿದ ಅನ್ನವನ್ನು ಸೇರಿಸಿ ಮತ್ತು ನಿಧಾನವಾಗಿ ಮಿಶ್ರಣ ಮಾಡಿ. ಅಂತಿಮವಾಗಿ 2 ಟೇಬಲ್ ಸ್ಪೂನ್ ತೆಂಗಿನಕಾಯಿ ಮತ್ತು 2 ಟೇಬಲ್ ಸ್ಪೂನ್ ಕೊತ್ತಂಬರಿ ಸೊಪ್ಪು ಸೇರಿಸಿ. ಚೆನ್ನಾಗಿ ಮಿಶ್ರಣ ಮಾಡಿ ಟೊಮೆಟೊ ಚಿತ್ರಾನ್ನವನ್ನು ಬಡಿಸಿ.
ರೇಷ್ಮಾ ಅಂಬಿಮಾವಾನ, ರೈತಾದೊಂದಿಗೆ ಟೊಮೊಟೊ
ಇಂಡಸ್ ಇಂಟರ್‌ನ್ಯಾಷನಲ್ಲ ಸ್ಕೂಲ್ ಹೈದರಾಬಾದ್
ಚಾಂಪಿಯನ್ ಶಿಪ್ ರನ್ನರ್-ಪ್ರಶಸ್ತಿಯ ಗರಿ
ಬೆಂಗಳೂರು,ನ.7: ಇಂಡಸ್ ಇಂಟರ್‌ನ್ಯಾಷನಲ್ ಸ್ಕೂಲ್ ಹೈದರಾಬಾದ್ ಅಕ್ಟೋಬರ್ 29ರಂದು ನವೆಂಬರ್ 1, 2025ರಂದು ಹೈದರಾಬಾದ್‌ನ ಗಚ್ಚಿಬೌಲಿಯಲ್ಲಿ ನಡೆದ ಸಿಬಿಎಸ್‌ಇ ಎ.ಸಿ. ಅಥ್ಲೆಟಿಕ್ಸ್ ನ್ಯಾಷನಲ್ ಮೀಟ್ 2025ರಲ್ಲಿ ಗಮನಾರ್ಹ ಸಾಧನೆ ತೋರಿದೆ. ಈ ಪ್ರತಿಷ್ಠಿತ ಕಾರ್ಯಕ್ರಮವು ಭಾರತದಾದ್ಯಂತ 90 ಶಾಲೆಗಳಿಂದ 800ಕ್ಕೂ ಹೆಚ್ಚು ವಿದ್ಯಾರ್ಥಿಗಳನ್ನು ಆಕರ್ಷಿಸಿದ್ದು ಕ್ರೀಡಾ ಶ್ರೇಷ್ಠತೆ, ತಂಡದ ಕೆಲಸ ಮತ್ತು ಸಹಿಷ್ಣುತೆಯನ್ನು ಸಂಭ್ರಮಿಸಿದೆ. ಟೀಮ್ ಇಂಡಸ್ ಇಂಟರ್‌ನ್ಯಾಷನಲ್ ಸ್ಕೂಲ್ ಹೈದರಾಬಾದ್ ಅಸಾಧಾರಣ ಪ್ರತಿಭೆ ತೋರಿದ್ದು ಒಟ್ಟಾರೆ ಚಾಂಪಿಯನ್‌ಶಿಪ್ ರನ್ನರ್ ಅಪ್ ಟ್ರೋಫಿಯೊಂದಿಗೆ 41 ಚಿನ್ನದ ಪದಕ, 15 ಬೆಳ್ಳಿ ಪದಕ ಮತ್ತು 19 ಕಂಚಿನ ಪದಕ ಗೆದ್ದಿದೆ. ಪ್ರಮುಖ ಸಾಧಕರಲ್ಲಿ ವಿಹಾನ್ ನೆಹ್ವಾರಿಯಾ ತನ್ನ ಅತ್ಯುತ್ತಮ ಪ್ರದರ್ಶನದಿಂದ 100 ಮೀ, 200 ಮೀಗಳಲ್ಲಿ ಮತ್ತು 80 ಮೀ. ಹರ್ಡಲ್ಸ್‌ನಲ್ಲಿ ಚಿನ್ನದ
ಪದಕ ಮತ್ತು 4x100 ಮೀಟರ್ ರಿಲೇ ಬೆಳ್ಳಿ ಪದಕ ಗೆದ್ದು ಅತ್ಯುತ್ತಮ ಕ್ರೀಡಾಪಟು (14 ವರ್ಷದೊಳಗಿನ ಬಾಲಕರು) ಎನಿಸಿಕೊಂಡಿದ್ದಾರೆ. ಇತರೆ ಪ್ರಮುಖ ಸಾಧಕರು: ಶ್ರಿಯಾಂಶ್ ತನ್ವೀರ್-ಜಾವೆಲಿನ್ ಎಸೆತದಲ್ಲಿ ಚಿನ್ನ (ಯು-17 ಬಾಲಕರು), ಪ್ರಗ್ನಿಕಾ ನಿಲಿನ್ ಶೆಟ್ಟಿ-ಎತ್ತರ ಜಿಗಿತದಲ್ಲಿ ಚಿನ್ನ (ಯು-19 ಬಾಲಕಿಯರು), ಪ್ರಿಶಾ ರೆಡ್ಡಿ ವ್ಯಾಸ್ ? 300 ಮೀ ರೇಸ್ ವಾಕ್ ನಲ್ಲಿ ಚಿನ್ನ (ಯು-19
ಬಾಲಕಿಯರು), ಅಭಿನವ್ ನಂದಿಕೊಂಡ-5000 ಮೀ ರೇಸ್ ವಾಕ್ ನಲ್ಲಿ ಚಿನ್ನ (ಯು-19 ಬಾಲಕರು) ಹಲವಾರು ಇಂಡಸ್ ಕ್ರೀಡಾಪಟುಗಳು ಎಸ್‌ಜಿಎಫ್‌ಐ ನ್ಯಾಷನಲ್ಸ್‌ಗೆ ಅರ್ಹತೆ ಪಡೆದಿದ್ದು ಮನ್‌ವಿಕ್ ಶರ್ಮಾ, ಸುಹಾನ್ ವರ್ಮಾ, ಪಾರ್ಥ್ ಎಂ., ಲೋಕೇಶ್ ರೆಡ್ಡಿ, ಗೊರಿಲ ನಿವೇದಿತ ನಾಯ್ಡು, ಅಭಿನವ್ ನಂದಿಕೊಂಡ, ಶ್ರಿಶಾ ರೆಡ್ಡಿ ವ್ಯಾಸ ಮತ್ತಿತರರು ಸಂಸ್ಥೆಗೆ ಹೆಮ್ಮೆ ತಂದಿದ್ದಾರೆ.
ಈ ಸಂದರ್ಭ ಕುರಿತು ಇಂಡಸ್ ಇಂಟರ್‌ನ್ಯಾಷನಲ್ ಸ್ಕೂಲ್, ಹೈದರಾಬಾದ್ ಪ್ರಾಂಶುಪಾಲೆ ಶ್ರೀಮತಿ ಫರಿದಾ ಘೋಷ್, "ನಮ್ಮ ಕ್ರೀಡಾಪಟುಗಳು ಅಸಾಧಾರಣ ಪರಿಶ್ರಮ, ಶಿಸ್ತು ಮತ್ತು ತಂಡದ ಸ್ಫೂರ್ತಿಯನ್ನು ಬಿಂಬಿಸಿದ್ದಾರೆ. ರಾಷ್ಟ್ರಮಟ್ಟದಲ್ಲಿ ಅವರ ಸಾಧನೆಗಳು ನಮ್ಮ ಶಿಕ್ಷಣ ಮತ್ತು ಕ್ರೀಡೆಯಲ್ಲಿನ ಶ್ರೇಷ್ಠತೆಗೆ ಇಂಡಸ್ ಬದ್ಧತೆಯನ್ನು ತೋರಿದ" ಎಂದರು.
